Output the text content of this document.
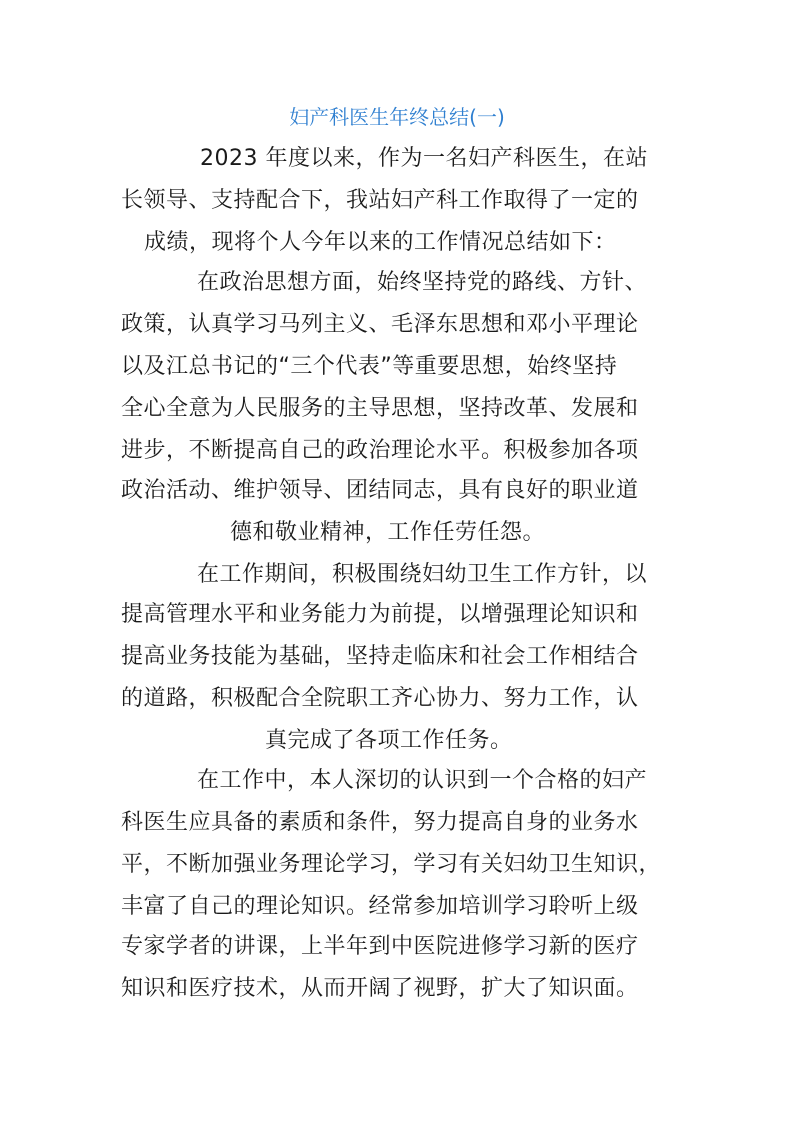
妇产科医生年终总结(一)
2023 年度以来，作为一名妇产科医生，在站
长领导、支持配合下，我站妇产科工作取得了一定的
成绩，现将个人今年以来的工作情况总结如下：
在政治思想方面，始终坚持党的路线、方针、
政策，认真学习马列主义、毛泽东思想和邓小平理论
以及江总书记的“三个代表”等重要思想，始终坚持
全心全意为人民服务的主导思想，坚持改革、发展和
进步，不断提高自己的政治理论水平。积极参加各项
政治活动、维护领导、团结同志，具有良好的职业道
德和敬业精神，工作任劳任怨。
在工作期间，积极围绕妇幼卫生工作方针，以
提高管理水平和业务能力为前提，以增强理论知识和
提高业务技能为基础，坚持走临床和社会工作相结合
的道路，积极配合全院职工齐心协力、努力工作，认
真完成了各项工作任务。
在工作中，本人深切的认识到一个合格的妇产
科医生应具备的素质和条件，努力提高自身的业务水
平，不断加强业务理论学习，学习有关妇幼卫生知识，
丰富了自己的理论知识。经常参加培训学习聆听上级
专家学者的讲课，上半年到中医院进修学习新的医疗
知识和医疗技术，从而开阔了视野，扩大了知识面。
